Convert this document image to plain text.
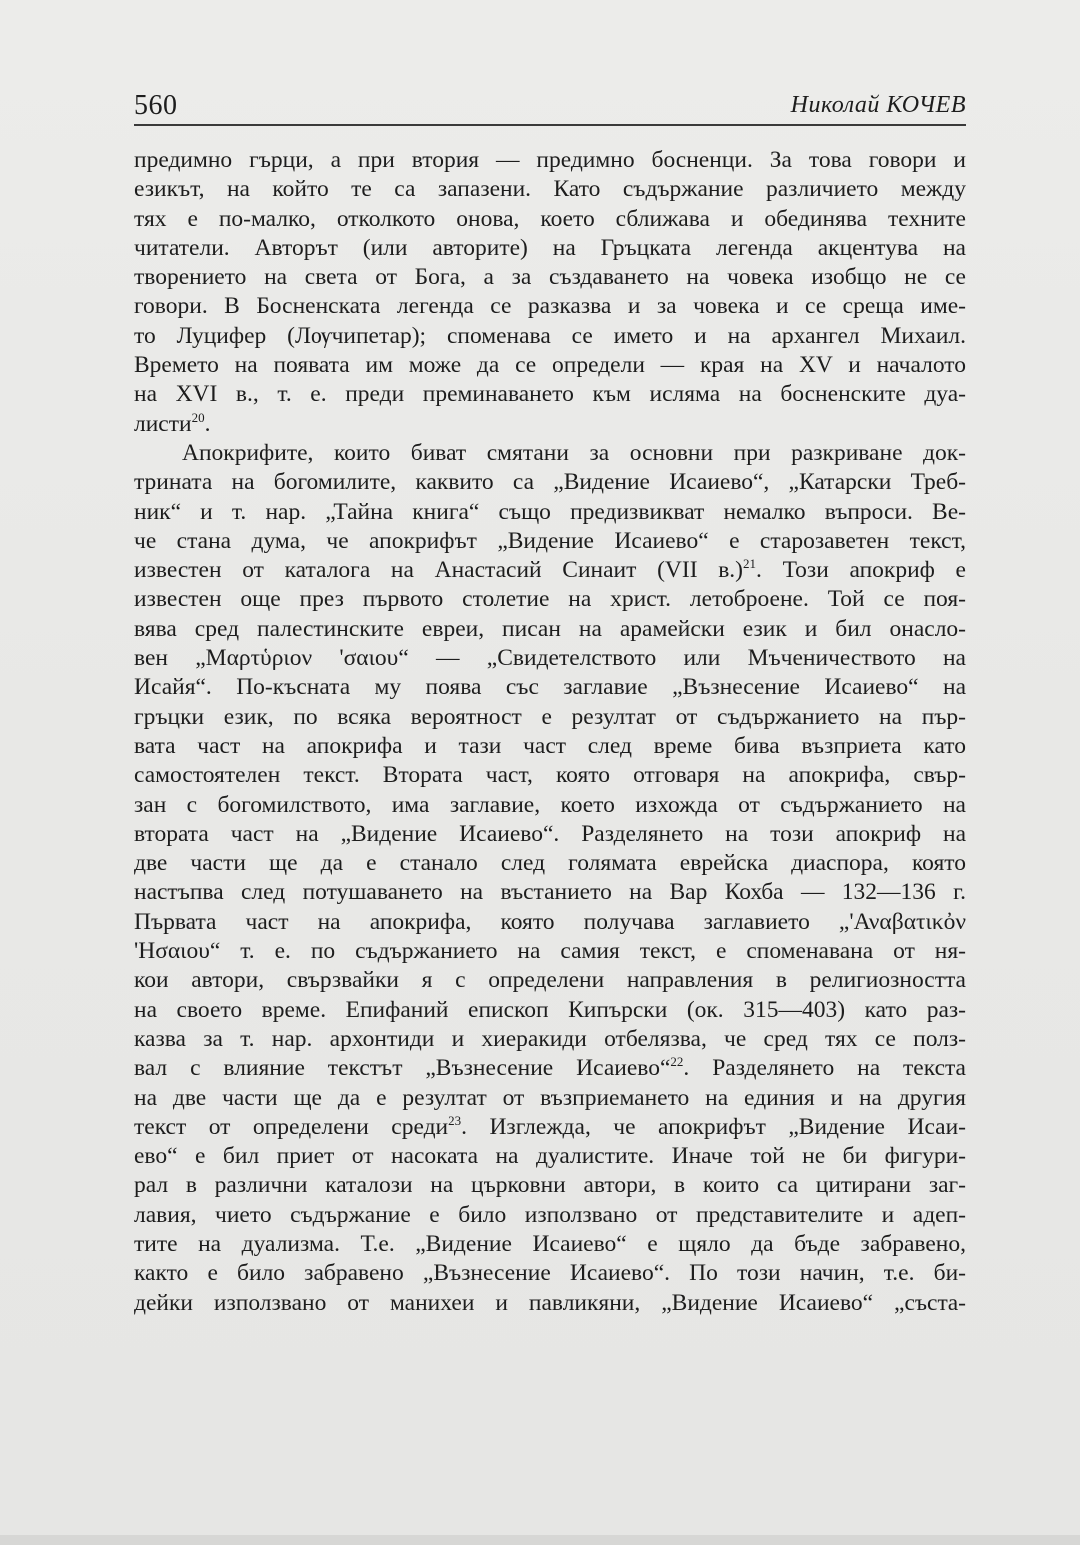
560	Николай КОЧЕВ
предимно гърци, а при втория — предимно босненци. За това говори и
езикът, на който те са запазени. Като съдържание различието между
тях е по-малко, отколкото онова, което сближава и обединява техните
читатели. Авторът (или авторите) на Гръцката легенда акцентува на
творението на света от Бога, а за създаването на човека изобщо не се
говори. В Босненската легенда се разказва и за човека и се среща име-
то Луцифер (Лѹчипетар); споменава се името и на архангел Михаил.
Времето на появата им може да се определи — края на XV и началото
на XVI в., т. е. преди преминаването към исляма на босненските дуа-
листи$^{20}$.
Апокрифите, които биват смятани за основни при разкриване док-
трината на богомилите, каквито са „Видение Исаиево“, „Катарски Треб-
ник“ и т. нар. „Тайна книга“ също предизвикват немалко въпроси. Ве-
че стана дума, че апокрифът „Видение Исаиево“ е старозаветен текст,
известен от каталога на Анастасий Синаит (VII в.)$^{21}$. Този апокриф е
известен още през първото столетие на христ. летоброене. Той се поя-
вява сред палестинските евреи, писан на арамейски език и бил онасло-
вен „Μαρτὑριον 'σαιου“ — „Свидетелството или Мъченичеството на
Исайя“. По-късната му поява със заглавие „Възнесение Исаиево“ на
гръцки език, по всяка вероятност е резултат от съдържанието на пър-
вата част на апокрифа и тази част след време бива възприета като
самостоятелен текст. Втората част, която отговаря на апокрифа, свър-
зан с богомилството, има заглавие, което изхожда от съдържанието на
втората част на „Видение Исаиево“. Разделянето на този апокриф на
две части ще да е станало след голямата еврейска диаспора, която
настъпва след потушаването на въстанието на Вар Кохба — 132—136 г.
Първата част на апокрифа, която получава заглавието „'Αναβατικὀν
'Ησαιου“ т. е. по съдържанието на самия текст, е споменавана от ня-
кои автори, свързвайки я с определени направления в религиозността
на своето време. Епифаний епископ Кипърски (ок. 315—403) като раз-
казва за т. нар. архонтиди и хиеракиди отбелязва, че сред тях се полз-
вал с влияние текстът „Възнесение Исаиево“$^{22}$. Разделянето на текста
на две части ще да е резултат от възприемането на единия и на другия
текст от определени среди$^{23}$. Изглежда, че апокрифът „Видение Исаи-
ево“ е бил приет от насоката на дуалистите. Иначе той не би фигури-
рал в различни каталози на църковни автори, в които са цитирани заг-
лавия, чието съдържание е било използвано от представителите и адеп-
тите на дуализма. Т.е. „Видение Исаиево“ е щяло да бъде забравено,
както е било забравено „Възнесение Исаиево“. По този начин, т.е. би-
дейки използвано от манихеи и павликяни, „Видение Исаиево“ „състa-
